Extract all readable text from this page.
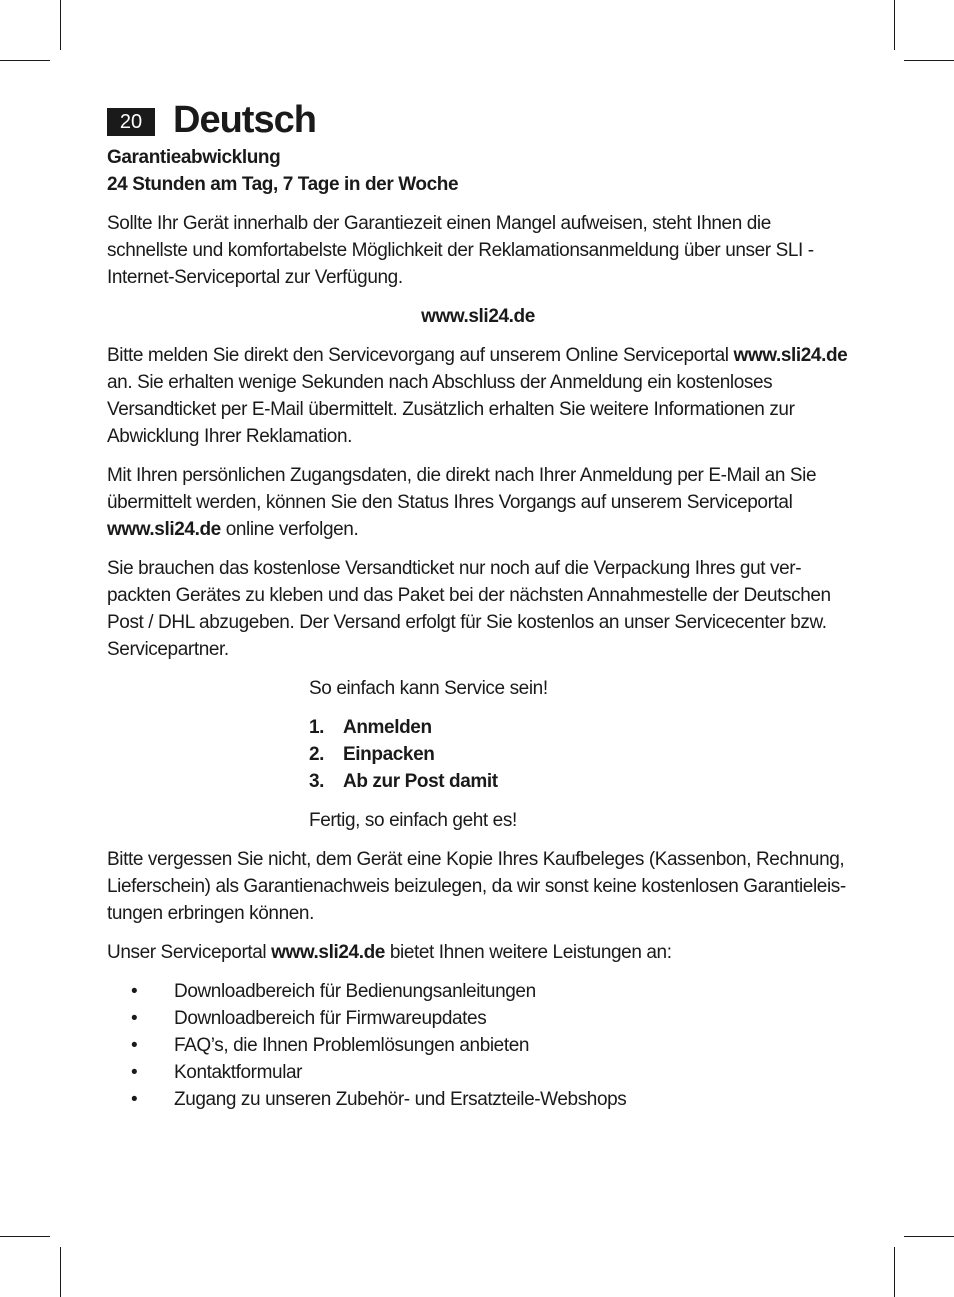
20 Deutsch
Garantieabwicklung
24 Stunden am Tag, 7 Tage in der Woche

Sollte Ihr Gerät innerhalb der Garantiezeit einen Mangel aufweisen, steht Ihnen die schnellste und komfortabelste Möglichkeit der Reklamationsanmeldung über unser SLI - Internet-Serviceportal zur Verfügung.

www.sli24.de

Bitte melden Sie direkt den Servicevorgang auf unserem Online Serviceportal www.sli24.de an. Sie erhalten wenige Sekunden nach Abschluss der Anmeldung ein kostenloses Versandticket per E-Mail übermittelt. Zusätzlich erhalten Sie weitere Informationen zur Abwicklung Ihrer Reklamation.

Mit Ihren persönlichen Zugangsdaten, die direkt nach Ihrer Anmeldung per E-Mail an Sie übermittelt werden, können Sie den Status Ihres Vorgangs auf unserem Serviceportal www.sli24.de online verfolgen.

Sie brauchen das kostenlose Versandticket nur noch auf die Verpackung Ihres gut ver-packten Gerätes zu kleben und das Paket bei der nächsten Annahmestelle der Deutschen Post / DHL abzugeben. Der Versand erfolgt für Sie kostenlos an unser Servicecenter bzw. Servicepartner.

So einfach kann Service sein!

1. Anmelden
2. Einpacken
3. Ab zur Post damit

Fertig, so einfach geht es!

Bitte vergessen Sie nicht, dem Gerät eine Kopie Ihres Kaufbeleges (Kassenbon, Rechnung, Lieferschein) als Garantienachweis beizulegen, da wir sonst keine kostenlosen Garantieleis-tungen erbringen können.

Unser Serviceportal www.sli24.de bietet Ihnen weitere Leistungen an:

•	Downloadbereich für Bedienungsanleitungen
•	Downloadbereich für Firmwareupdates
•	FAQ’s, die Ihnen Problemlösungen anbieten
•	Kontaktformular
•	Zugang zu unseren Zubehör- und Ersatzteile-Webshops
